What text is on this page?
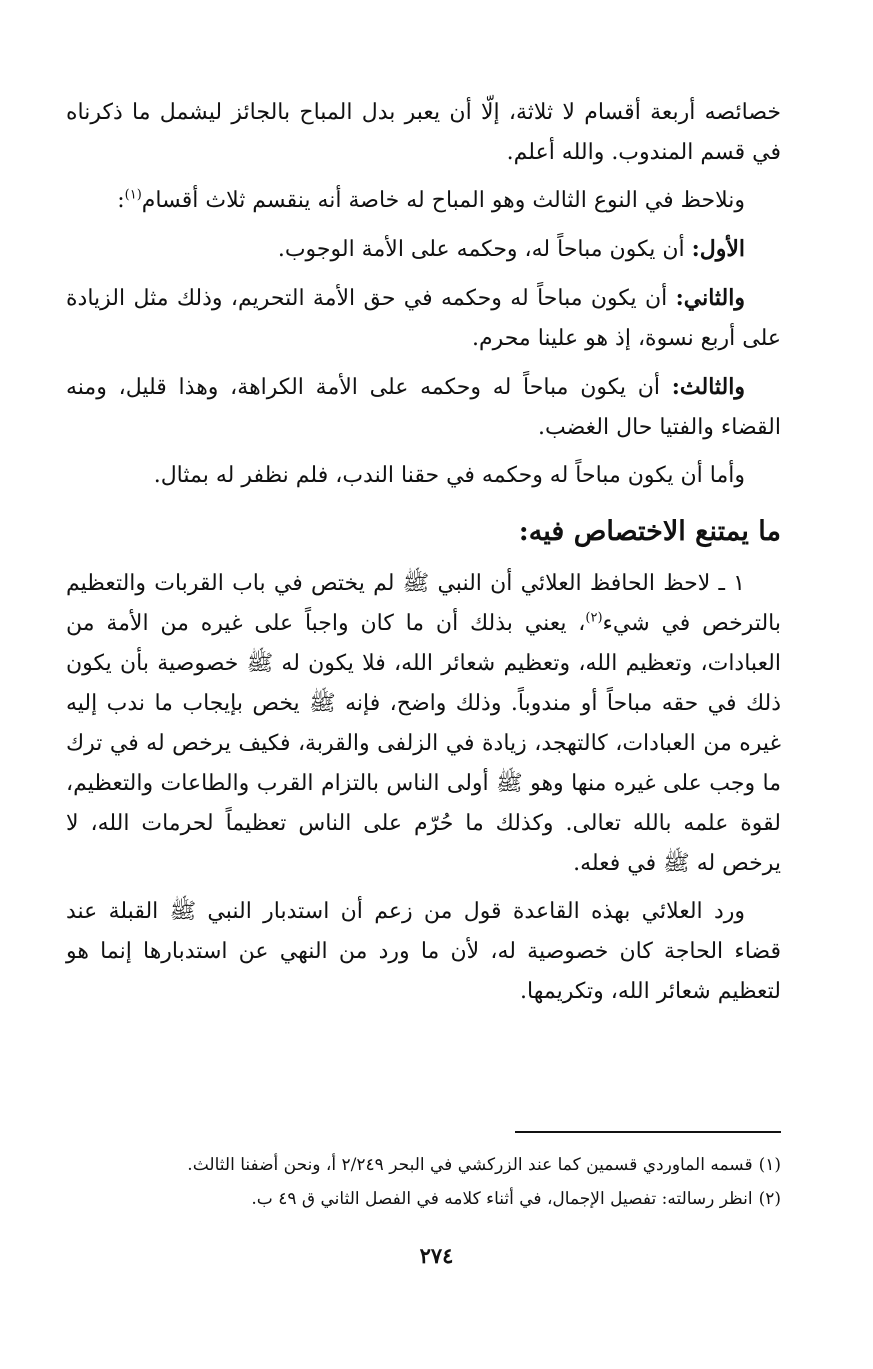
خصائصه أربعة أقسام لا ثلاثة، إلّا أن يعبر بدل المباح بالجائز ليشمل ما ذكرناه في قسم المندوب. والله أعلم.

ونلاحظ في النوع الثالث وهو المباح له خاصة أنه ينقسم ثلاث أقسام$^{(١)}$:

الأول: أن يكون مباحاً له، وحكمه على الأمة الوجوب.

والثاني: أن يكون مباحاً له وحكمه في حق الأمة التحريم، وذلك مثل الزيادة على أربع نسوة، إذ هو علينا محرم.

والثالث: أن يكون مباحاً له وحكمه على الأمة الكراهة، وهذا قليل، ومنه القضاء والفتيا حال الغضب.

وأما أن يكون مباحاً له وحكمه في حقنا الندب، فلم نظفر له بمثال.

ما يمتنع الاختصاص فيه:

١ ـ لاحظ الحافظ العلائي أن النبي ﷺ لم يختص في باب القربات والتعظيم بالترخص في شيء$^{(٢)}$، يعني بذلك أن ما كان واجباً على غيره من الأمة من العبادات، وتعظيم الله، وتعظيم شعائر الله، فلا يكون له ﷺ خصوصية بأن يكون ذلك في حقه مباحاً أو مندوباً. وذلك واضح، فإنه ﷺ يخص بإيجاب ما ندب إليه غيره من العبادات، كالتهجد، زيادة في الزلفى والقربة، فكيف يرخص له في ترك ما وجب على غيره منها وهو ﷺ أولى الناس بالتزام القرب والطاعات والتعظيم، لقوة علمه بالله تعالى. وكذلك ما حُرّم على الناس تعظيماً لحرمات الله، لا يرخص له ﷺ في فعله.

ورد العلائي بهذه القاعدة قول من زعم أن استدبار النبي ﷺ القبلة عند قضاء الحاجة كان خصوصية له، لأن ما ورد من النهي عن استدبارها إنما هو لتعظيم شعائر الله، وتكريمها.

(١)قسمه الماوردي قسمين كما عند الزركشي في البحر ٢/٢٤٩ أ، ونحن أضفنا الثالث.

(٢)انظر رسالته: تفصيل الإجمال، في أثناء كلامه في الفصل الثاني ق ٤٩ ب.

٢٧٤
